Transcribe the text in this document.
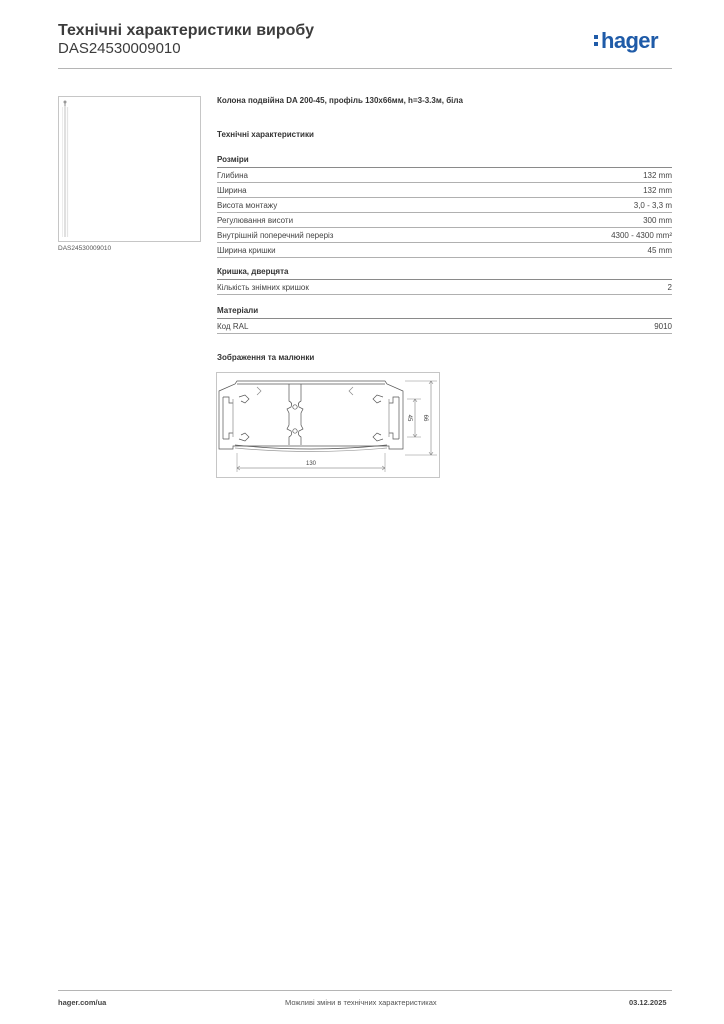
Технічні характеристики виробу
DAS24530009010	hager
DAS24530009010

Колона подвійна DA 200-45, профіль 130х66мм, h=3-3.3м, біла

Технічні характеристики
Розміри
Глибина	132 mm
Ширина	132 mm
Висота монтажу	3,0 - 3,3 m
Регулювання висоти	300 mm
Внутрішній поперечний переріз	4300 - 4300 mm²
Ширина кришки	45 mm
Кришка, дверцята
Кількість знімних кришок	2
Матеріали
Код RAL	9010
Зображення та малюнки
130
45 66
hager.com/ua	Можливі зміни в технічних характеристиках	03.12.2025
